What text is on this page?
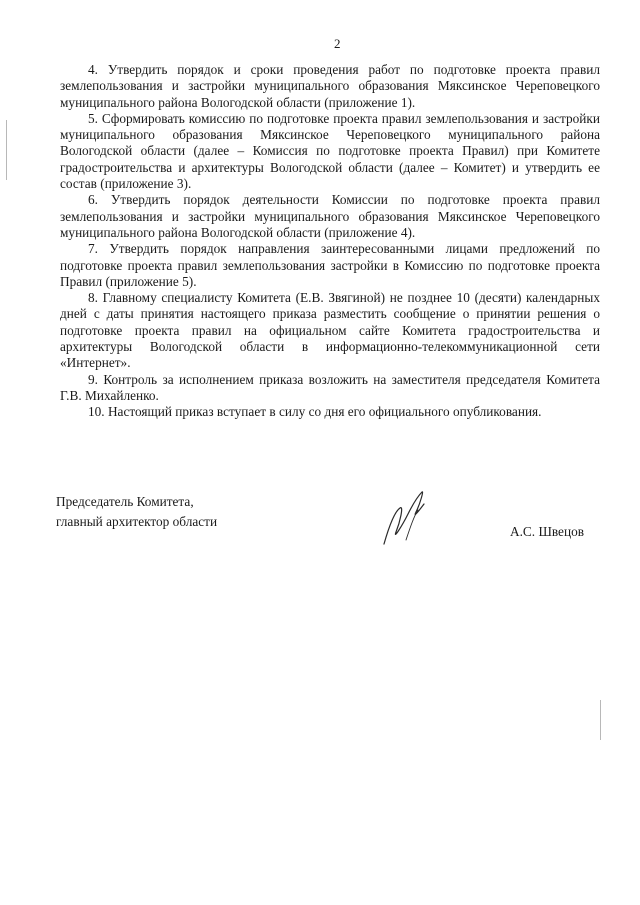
2

4. Утвердить порядок и сроки проведения работ по подготовке проекта правил землепользования и застройки муниципального образования Мяксинское Череповецкого муниципального района Вологодской области (приложение 1).

5. Сформировать комиссию по подготовке проекта правил землепользования и застройки муниципального образования Мяксинское Череповецкого муниципального района Вологодской области (далее – Комиссия по подготовке проекта Правил) при Комитете градостроительства и архитектуры Вологодской области (далее – Комитет) и утвердить ее состав (приложение 3).

6. Утвердить порядок деятельности Комиссии по подготовке проекта правил землепользования и застройки муниципального образования Мяксинское Череповецкого муниципального района Вологодской области (приложение 4).

7. Утвердить порядок направления заинтересованными лицами предложений по подготовке проекта правил землепользования застройки в Комиссию по подготовке проекта Правил (приложение 5).

8. Главному специалисту Комитета (Е.В. Звягиной) не позднее 10 (десяти) календарных дней с даты принятия настоящего приказа разместить сообщение о принятии решения о подготовке проекта правил на официальном сайте Комитета градостроительства и архитектуры Вологодской области в информационно-телекоммуникационной сети «Интернет».

9. Контроль за исполнением приказа возложить на заместителя председателя Комитета Г.В. Михайленко.

10. Настоящий приказ вступает в силу со дня его официального опубликования.

Председатель Комитета,
главный архитектор области
А.С. Швецов
